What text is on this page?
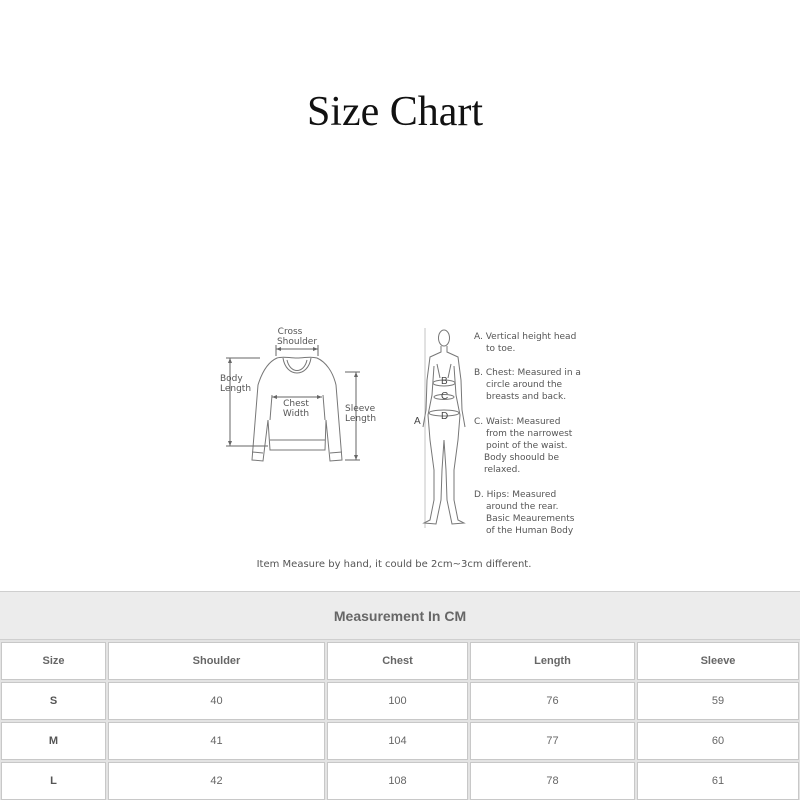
Size Chart
Cross
Shoulder
Body
Length
Chest
Width	Sleeve
Length	A
B
C
D
A. Vertical height head
to toe.
B. Chest: Measured in a
circle around the
breasts and back.
C. Waist: Measured
from the narrowest
point of the waist.
Body shoould be
relaxed.
D. Hips: Measured
around the rear.
Basic Meaurements
of the Human Body
Item Measure by hand, it could be 2cm~3cm different.
Measurement In CM
Size	Shoulder	Chest	Length	Sleeve
S	40	100	76	59
M	41	104	77	60
L	42	108	78	61
